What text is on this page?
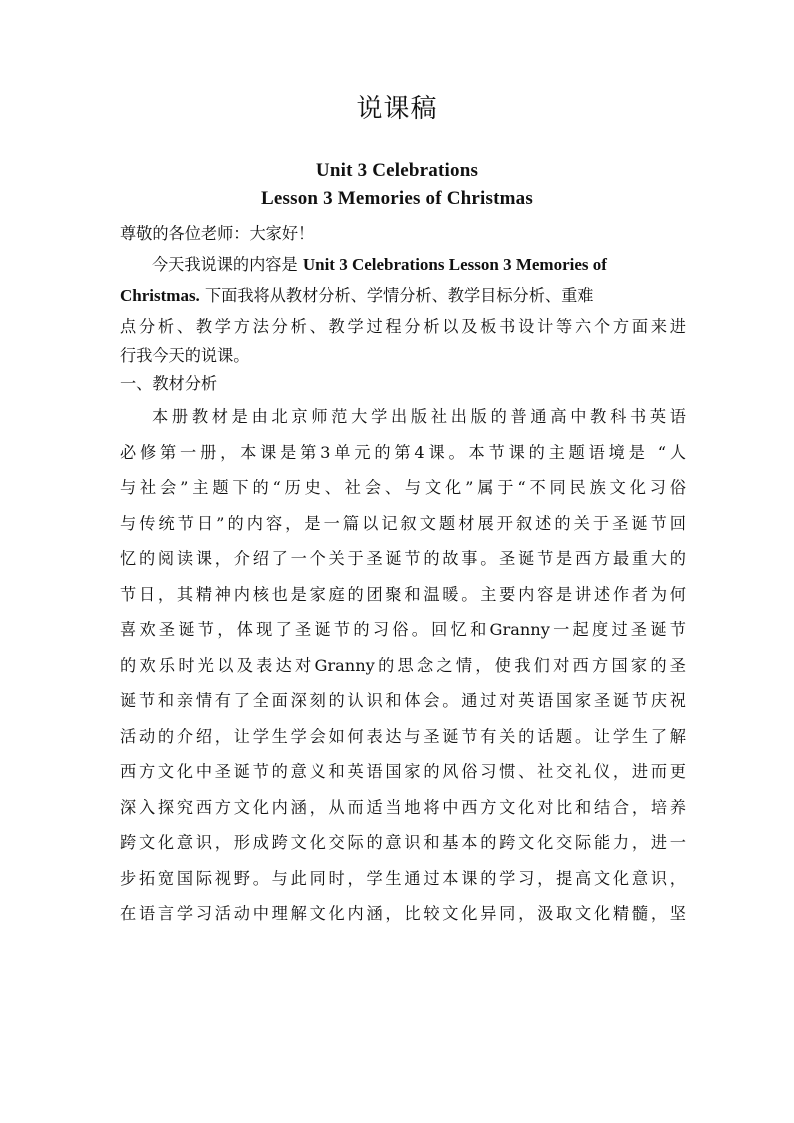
说课稿
Unit 3 Celebrations
Lesson 3 Memories of Christmas
尊敬的各位老师：大家好！
今天我说课的内容是 Unit 3 Celebrations Lesson 3 Memories of
Christmas. 下面我将从教材分析、学情分析、教学目标分析、重难
点分析、教学方法分析、教学过程分析以及板书设计等六个方面来进
行我今天的说课。
一、教材分析
本册教材是由北京师范大学出版社出版的普通高中教科书英语
必修第一册，本课是第3单元的第4课。本节课的主题语境是 “人
与社会”主题下的“历史、社会、与文化”属于“不同民族文化习俗
与传统节日”的内容，是一篇以记叙文题材展开叙述的关于圣诞节回
忆的阅读课，介绍了一个关于圣诞节的故事。圣诞节是西方最重大的
节日，其精神内核也是家庭的团聚和温暖。主要内容是讲述作者为何
喜欢圣诞节，体现了圣诞节的习俗。回忆和Granny一起度过圣诞节
的欢乐时光以及表达对Granny的思念之情，使我们对西方国家的圣
诞节和亲情有了全面深刻的认识和体会。通过对英语国家圣诞节庆祝
活动的介绍，让学生学会如何表达与圣诞节有关的话题。让学生了解
西方文化中圣诞节的意义和英语国家的风俗习惯、社交礼仪，进而更
深入探究西方文化内涵，从而适当地将中西方文化对比和结合，培养
跨文化意识，形成跨文化交际的意识和基本的跨文化交际能力，进一
步拓宽国际视野。与此同时，学生通过本课的学习，提高文化意识，
在语言学习活动中理解文化内涵，比较文化异同，汲取文化精髓，坚
